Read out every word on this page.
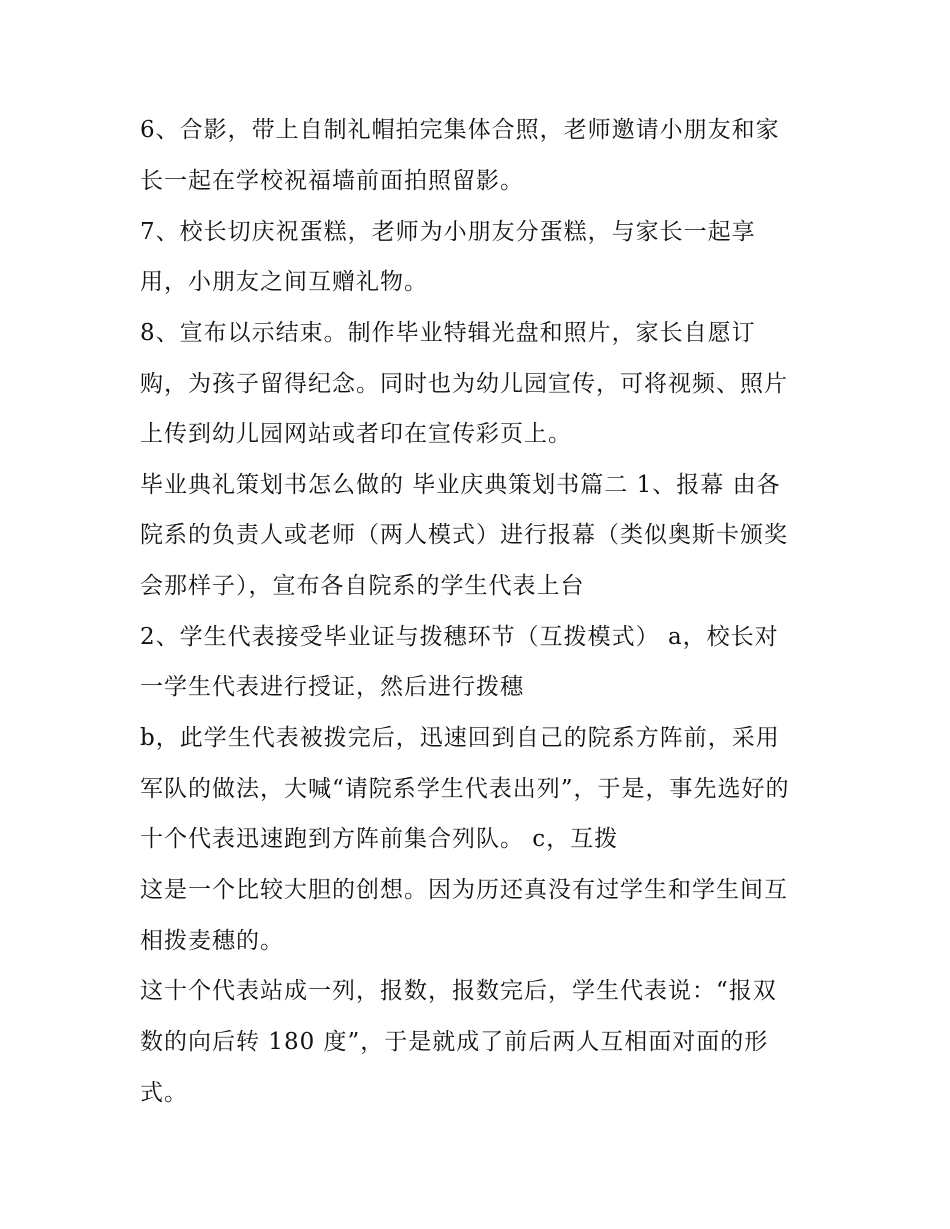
6、合影，带上自制礼帽拍完集体合照，老师邀请小朋友和家
长一起在学校祝福墙前面拍照留影。
7、校长切庆祝蛋糕，老师为小朋友分蛋糕，与家长一起享
用，小朋友之间互赠礼物。
8、宣布以示结束。制作毕业特辑光盘和照片，家长自愿订
购，为孩子留得纪念。同时也为幼儿园宣传，可将视频、照片
上传到幼儿园网站或者印在宣传彩页上。
毕业典礼策划书怎么做的 毕业庆典策划书篇二 1、报幕 由各
院系的负责人或老师（两人模式）进行报幕（类似奥斯卡颁奖
会那样子），宣布各自院系的学生代表上台
2、学生代表接受毕业证与拨穗环节（互拨模式） a，校长对
一学生代表进行授证，然后进行拨穗
b，此学生代表被拨完后，迅速回到自己的院系方阵前，采用
军队的做法，大喊“请院系学生代表出列”，于是，事先选好的
十个代表迅速跑到方阵前集合列队。 c，互拨
这是一个比较大胆的创想。因为历还真没有过学生和学生间互
相拨麦穗的。
这十个代表站成一列，报数，报数完后，学生代表说：“报双
数的向后转 180 度”，于是就成了前后两人互相面对面的形
式。
